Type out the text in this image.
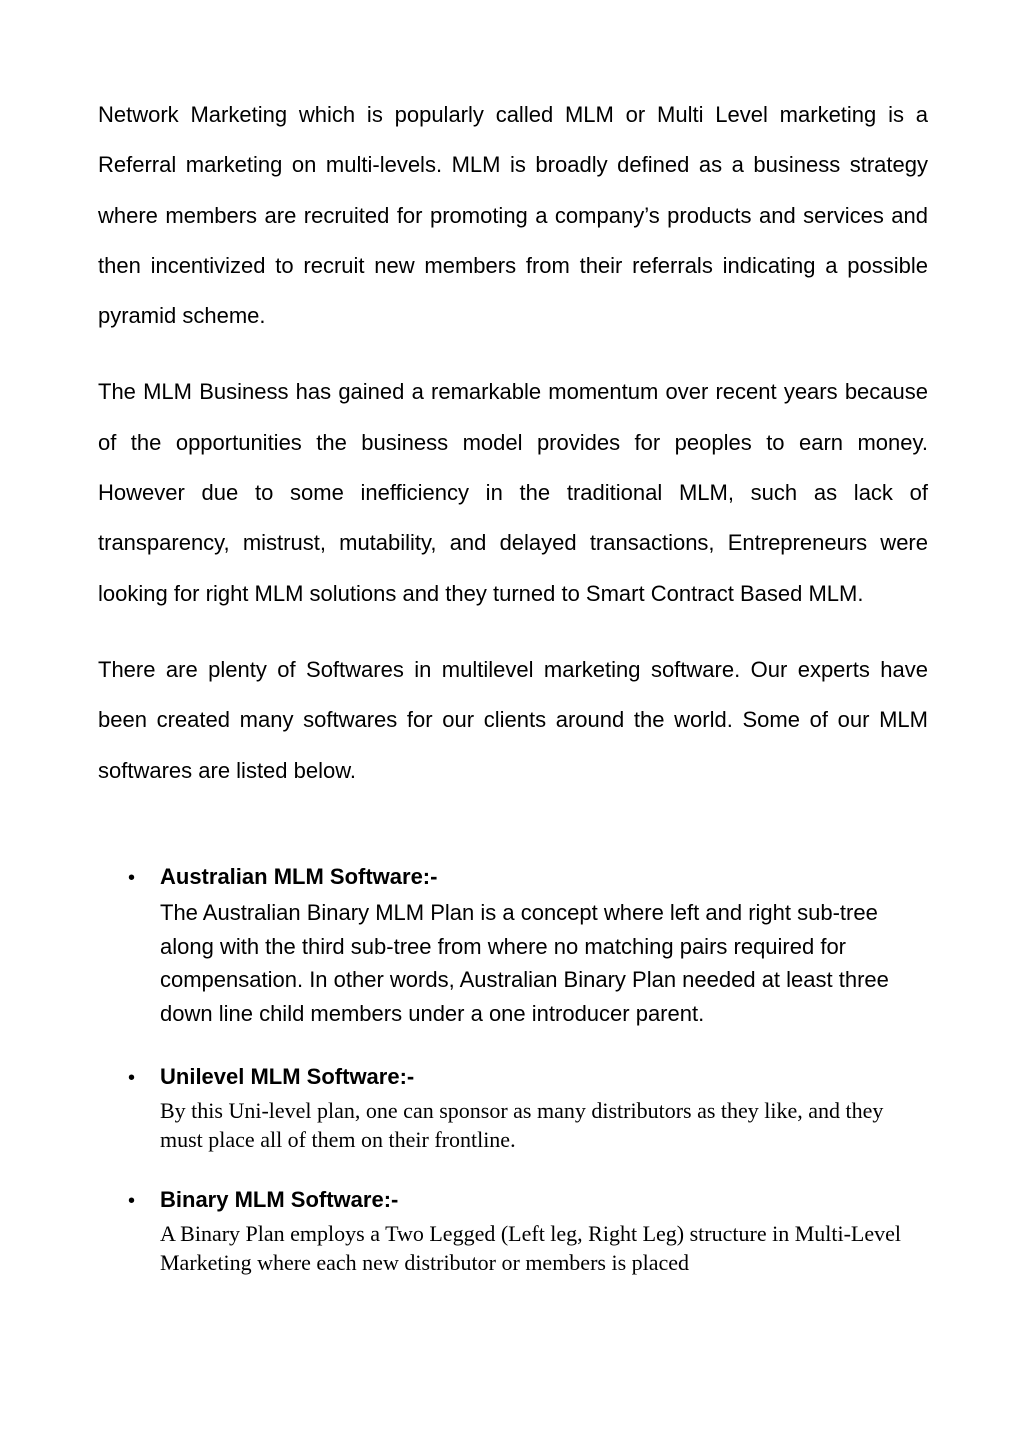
Network Marketing which is popularly called MLM or Multi Level marketing is a Referral marketing on multi-levels. MLM is broadly defined as a business strategy where members are recruited for promoting a company’s products and services and then incentivized to recruit new members from their referrals indicating a possible pyramid scheme.

The MLM Business has gained a remarkable momentum over recent years because of the opportunities the business model provides for peoples to earn money. However due to some inefficiency in the traditional MLM, such as lack of transparency, mistrust, mutability, and delayed transactions, Entrepreneurs were looking for right MLM solutions and they turned to Smart Contract Based MLM.

There are plenty of Softwares in multilevel marketing software. Our experts have been created many softwares for our clients around the world. Some of our MLM softwares are listed below.

• Australian MLM Software:-

The Australian Binary MLM Plan is a concept where left and right sub-tree along with the third sub-tree from where no matching pairs required for compensation. In other words, Australian Binary Plan needed at least three down line child members under a one introducer parent.

• Unilevel MLM Software:-

By this Uni-level plan, one can sponsor as many distributors as they like, and they must place all of them on their frontline.

• Binary MLM Software:-

A Binary Plan employs a Two Legged (Left leg, Right Leg) structure in Multi-Level Marketing where each new distributor or members is placed
